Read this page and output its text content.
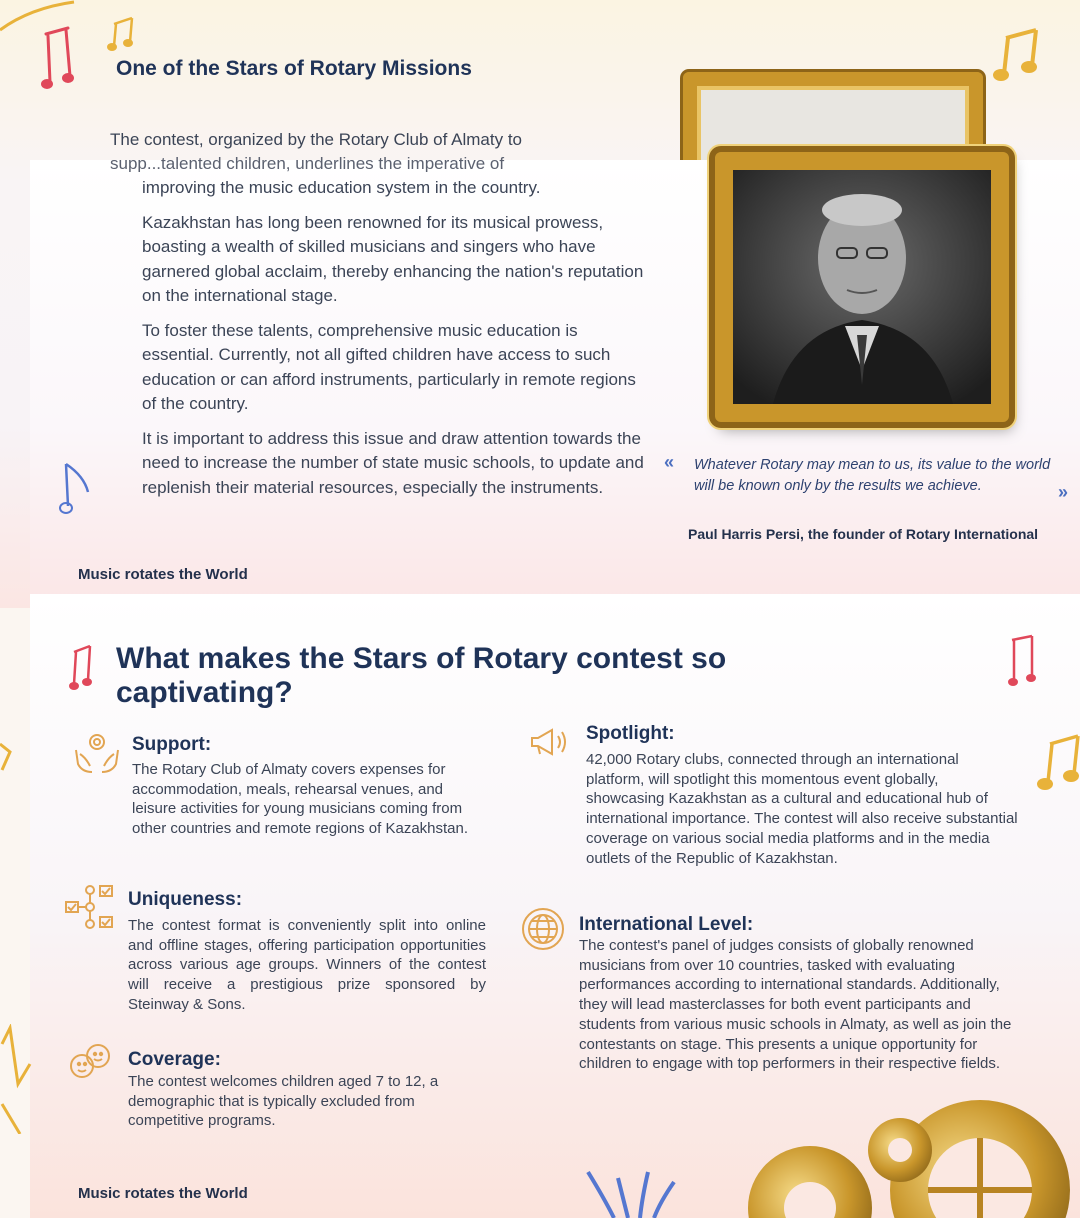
One of the Stars of Rotary Missions
The contest, organized by the Rotary Club of Almaty to
supp...talented children, underlines the imperative of

improving the music education system in the country.

Kazakhstan has long been renowned for its musical prowess, boasting a wealth of skilled musicians and singers who have garnered global acclaim, thereby enhancing the nation's reputation on the international stage.

To foster these talents, comprehensive music education is essential. Currently, not all gifted children have access to such education or can afford instruments, particularly in remote regions of the country.

It is important to address this issue and draw attention towards the need to increase the number of state music schools, to update and replenish their material resources, especially the instruments.

« Whatever Rotary may mean to us, its value to the world will be known only by the results we achieve.	»
Paul Harris Persi, the founder of Rotary International
Music rotates the World
What makes the Stars of Rotary contest so captivating?
Support:
The Rotary Club of Almaty covers expenses for accommodation, meals, rehearsal venues, and leisure activities for young musicians coming from other countries and remote regions of Kazakhstan.
Spotlight:
42,000 Rotary clubs, connected through an international platform, will spotlight this momentous event globally, showcasing Kazakhstan as a cultural and educational hub of international importance. The contest will also receive substantial coverage on various social media platforms and in the media outlets of the Republic of Kazakhstan.
Uniqueness:
The contest format is conveniently split into online and offline stages, offering participation opportunities across various age groups. Winners of the contest will receive a prestigious prize sponsored by Steinway & Sons.
International Level:
The contest's panel of judges consists of globally renowned musicians from over 10 countries, tasked with evaluating performances according to international standards. Additionally, they will lead masterclasses for both event participants and students from various music schools in Almaty, as well as join the contestants on stage. This presents a unique opportunity for children to engage with top performers in their respective fields.
Coverage:
The contest welcomes children aged 7 to 12, a demographic that is typically excluded from competitive programs.
Music rotates the World
